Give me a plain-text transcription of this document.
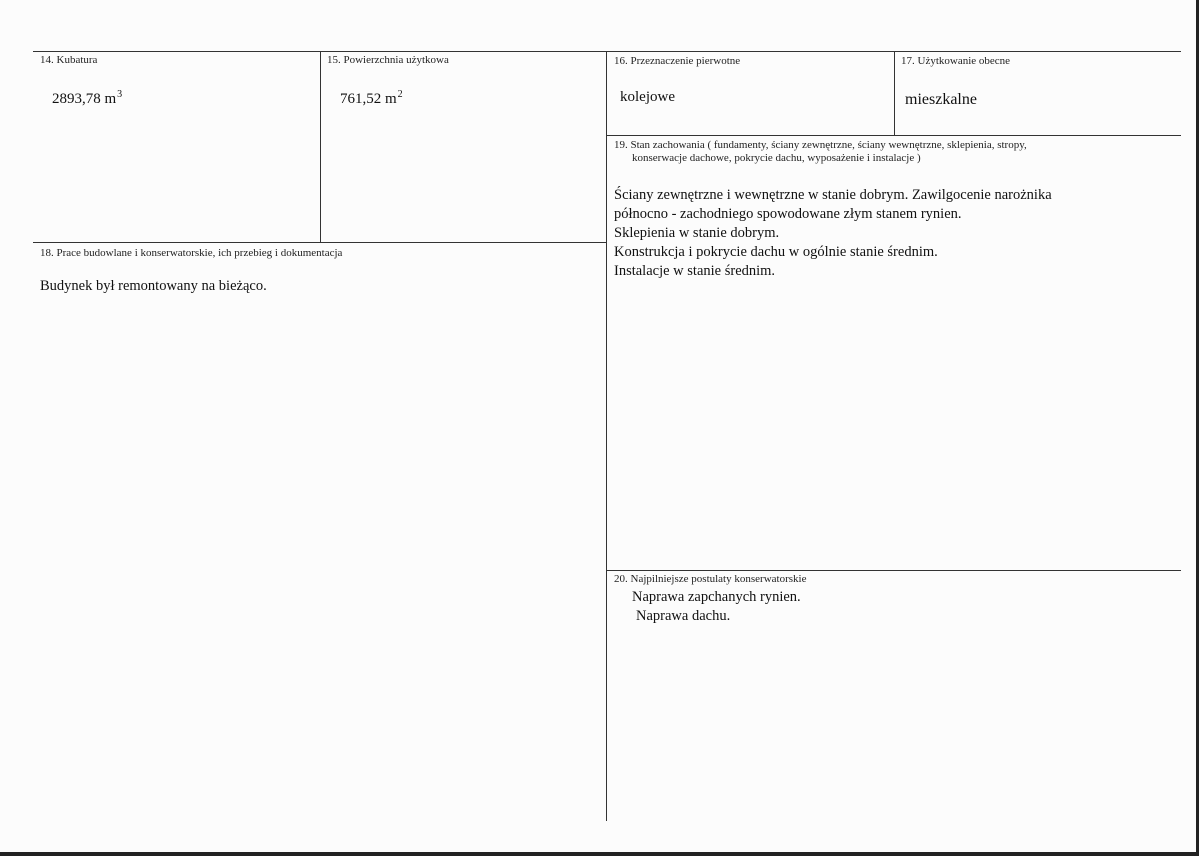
14. Kubatura
2893,78 $m^3$
15. Powierzchnia użytkowa
761,52 $m^2$
16. Przeznaczenie pierwotne
kolejowe
17. Użytkowanie obecne
mieszkalne
19. Stan zachowania ( fundamenty, ściany zewnętrzne, ściany wewnętrzne, sklepienia, stropy,
konserwacje dachowe, pokrycie dachu, wyposażenie i instalacje )
Ściany zewnętrzne i wewnętrzne w stanie dobrym. Zawilgocenie narożnika
północno - zachodniego spowodowane złym stanem rynien.
Sklepienia w stanie dobrym.
Konstrukcja i pokrycie dachu w ogólnie stanie średnim.
Instalacje w stanie średnim.
18. Prace budowlane i konserwatorskie, ich przebieg i dokumentacja
Budynek był remontowany na bieżąco.
20. Najpilniejsze postulaty konserwatorskie
Naprawa zapchanych rynien.
Naprawa dachu.
